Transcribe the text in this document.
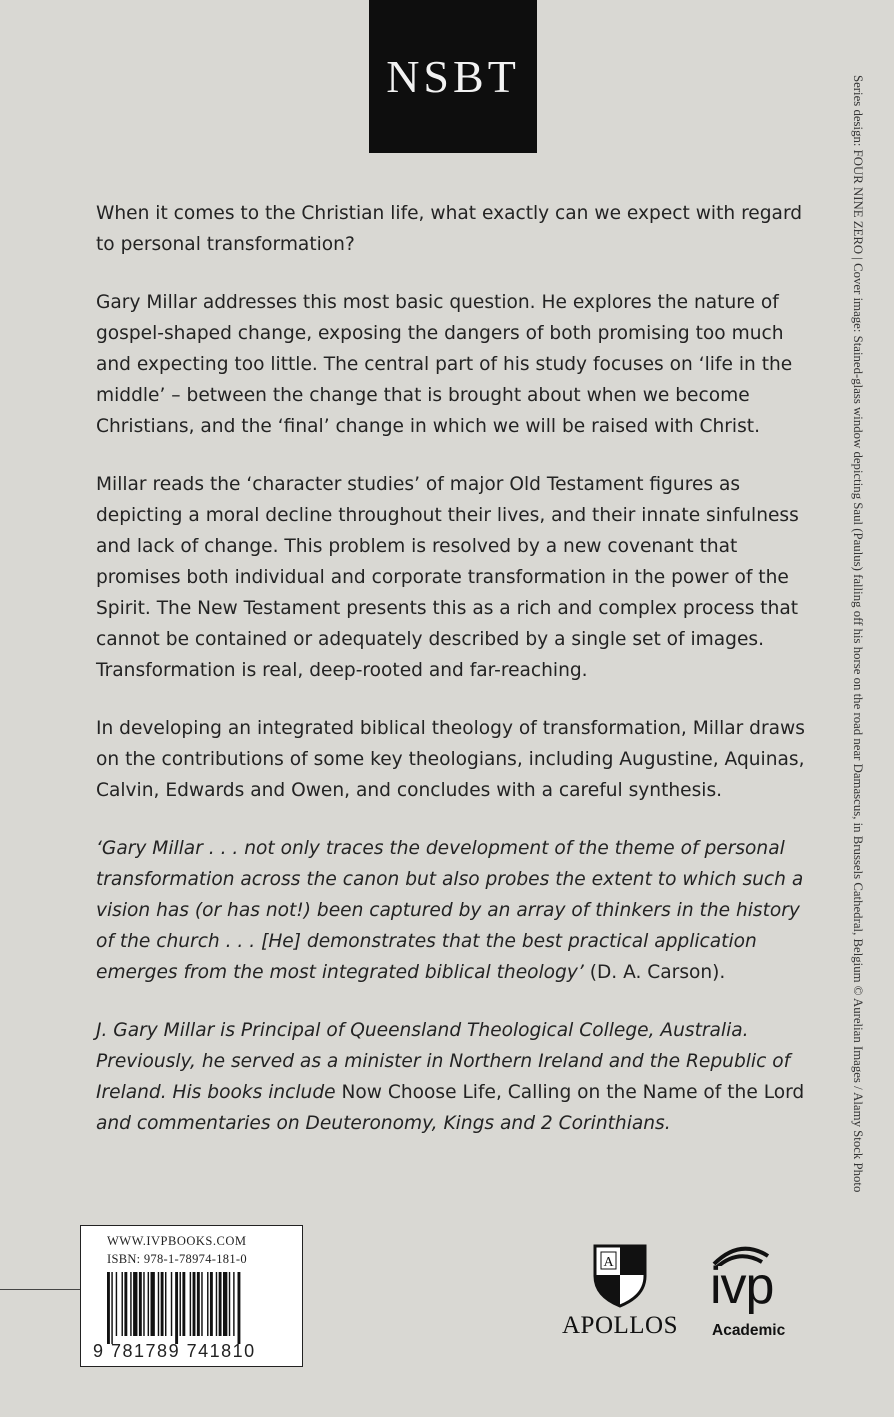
NSBT

When it comes to the Christian life, what exactly can we expect with regard to personal transformation?

Gary Millar addresses this most basic question. He explores the nature of gospel-shaped change, exposing the dangers of both promising too much and expecting too little. The central part of his study focuses on ‘life in the middle’ – between the change that is brought about when we become Christians, and the ‘final’ change in which we will be raised with Christ.

Millar reads the ‘character studies’ of major Old Testament figures as depicting a moral decline throughout their lives, and their innate sinfulness and lack of change. This problem is resolved by a new covenant that promises both individual and corporate transformation in the power of the Spirit. The New Testament presents this as a rich and complex process that cannot be contained or adequately described by a single set of images. Transformation is real, deep-rooted and far-reaching.

In developing an integrated biblical theology of transformation, Millar draws on the contributions of some key theologians, including Augustine, Aquinas, Calvin, Edwards and Owen, and concludes with a careful synthesis.

‘Gary Millar . . . not only traces the development of the theme of personal transformation across the canon but also probes the extent to which such a vision has (or has not!) been captured by an array of thinkers in the history of the church . . . [He] demonstrates that the best practical application emerges from the most integrated biblical theology’ (D. A. Carson).

J. Gary Millar is Principal of Queensland Theological College, Australia. Previously, he served as a minister in Northern Ireland and the Republic of Ireland. His books include Now Choose Life, Calling on the Name of the Lord and commentaries on Deuteronomy, Kings and 2 Corinthians.	Series design: FOUR NINE ZERO | Cover image: Stained-glass window depicting Saul (Paulus) falling off his horse on the road near Damascus, in Brussels Cathedral, Belgium © Aurelian Images / Alamy Stock Photo
WWW.IVPBOOKS.COM
ISBN: 978-1-78974-181-0
9 781789 741810
A
APOLLOS
ivp
Academic
